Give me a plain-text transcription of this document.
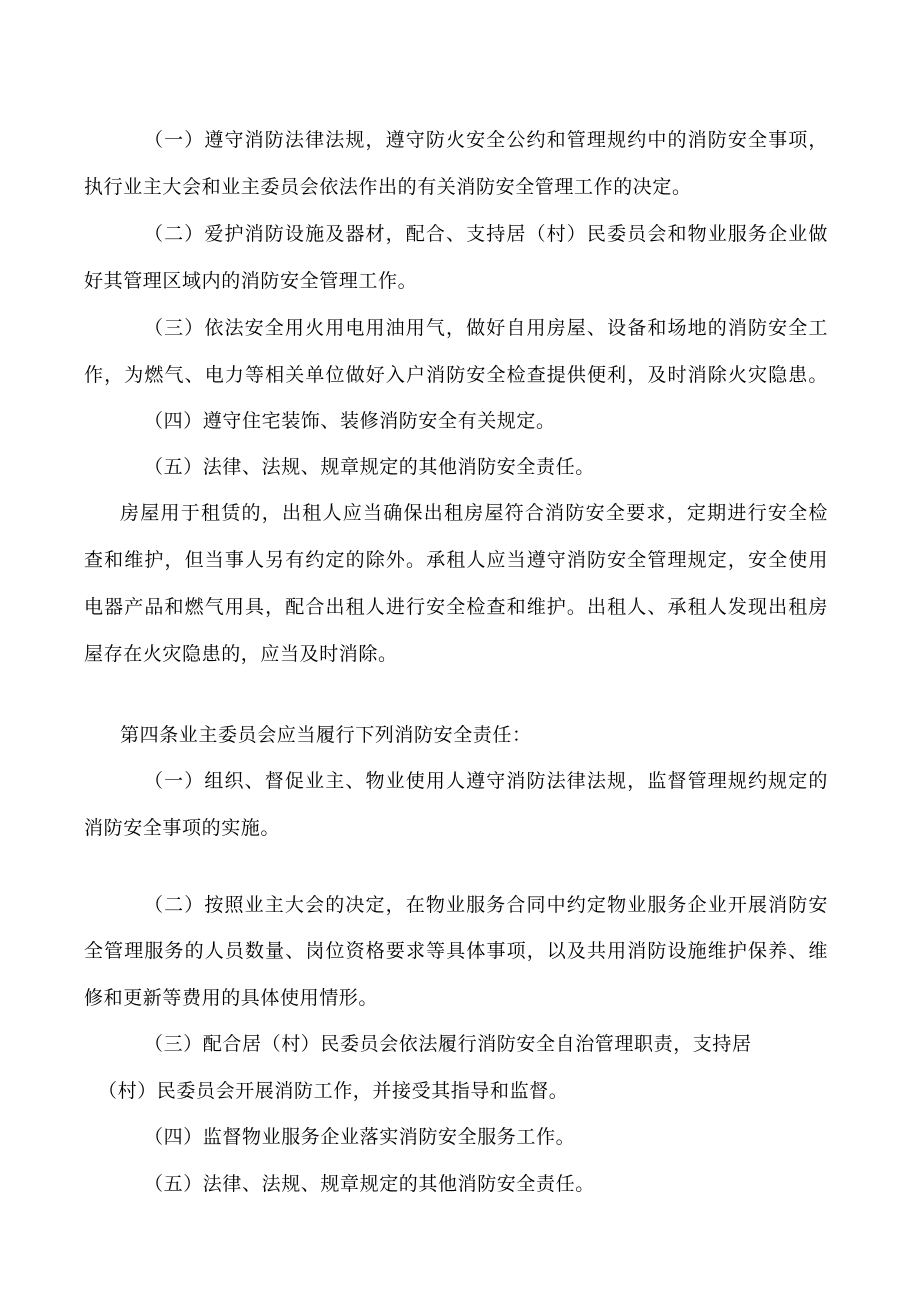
（一）遵守消防法律法规，遵守防火安全公约和管理规约中的消防安全事项，
执行业主大会和业主委员会依法作出的有关消防安全管理工作的决定。
（二）爱护消防设施及器材，配合、支持居（村）民委员会和物业服务企业做
好其管理区域内的消防安全管理工作。
（三）依法安全用火用电用油用气，做好自用房屋、设备和场地的消防安全工
作，为燃气、电力等相关单位做好入户消防安全检查提供便利，及时消除火灾隐患。
（四）遵守住宅装饰、装修消防安全有关规定。
（五）法律、法规、规章规定的其他消防安全责任。
房屋用于租赁的，出租人应当确保出租房屋符合消防安全要求，定期进行安全检
查和维护，但当事人另有约定的除外。承租人应当遵守消防安全管理规定，安全使用
电器产品和燃气用具，配合出租人进行安全检查和维护。出租人、承租人发现出租房
屋存在火灾隐患的，应当及时消除。
第四条业主委员会应当履行下列消防安全责任：
（一）组织、督促业主、物业使用人遵守消防法律法规，监督管理规约规定的
消防安全事项的实施。
（二）按照业主大会的决定，在物业服务合同中约定物业服务企业开展消防安
全管理服务的人员数量、岗位资格要求等具体事项，以及共用消防设施维护保养、维
修和更新等费用的具体使用情形。
（三）配合居（村）民委员会依法履行消防安全自治管理职责，支持居
（村）民委员会开展消防工作，并接受其指导和监督。
（四）监督物业服务企业落实消防安全服务工作。
（五）法律、法规、规章规定的其他消防安全责任。
